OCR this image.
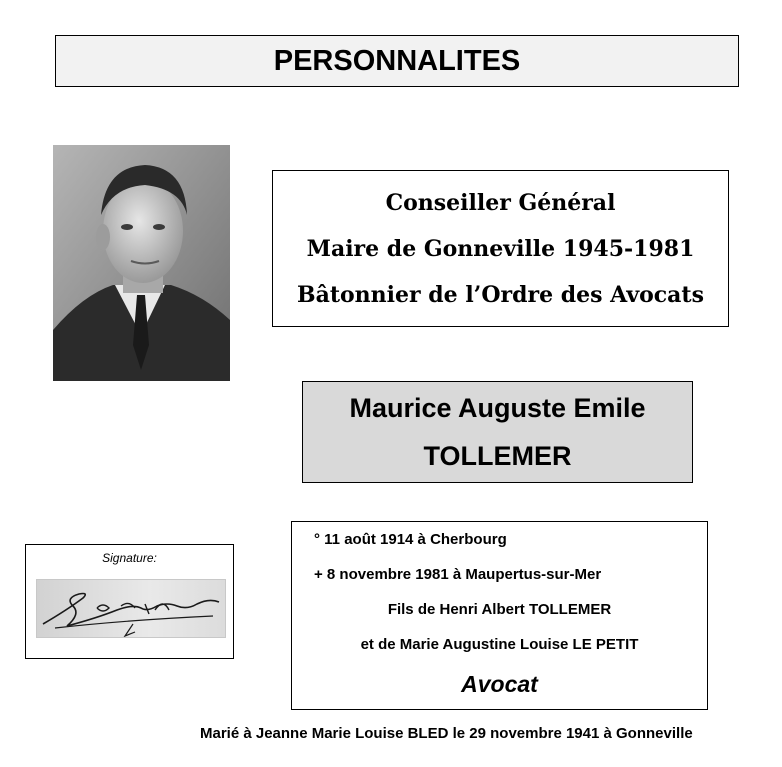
PERSONNALITES
Conseiller Général
Maire de Gonneville 1945-1981
Bâtonnier de l’Ordre des Avocats
Maurice Auguste Emile
TOLLEMER
Signature:
° 11 août 1914 à Cherbourg
+ 8 novembre 1981 à Maupertus-sur-Mer
Fils de Henri Albert TOLLEMER
et de Marie Augustine Louise LE PETIT
Avocat
Marié à Jeanne Marie Louise BLED le 29 novembre 1941 à Gonneville
